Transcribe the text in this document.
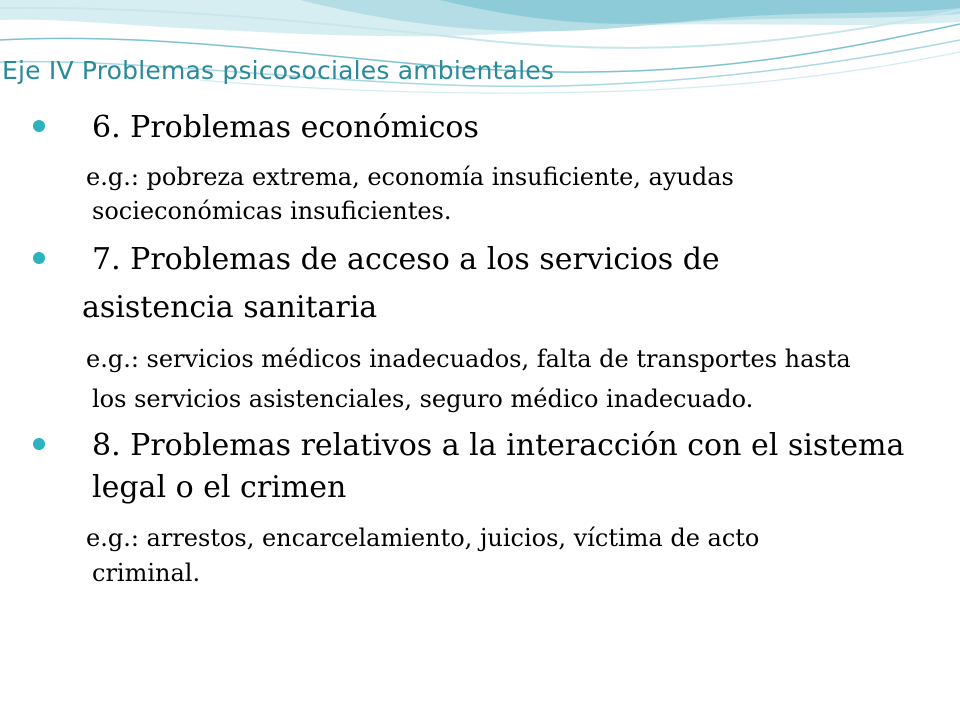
Eje IV Problemas psicosociales ambientales

6. Problemas económicos

e.g.: pobreza extrema, economía insuficiente, ayudas

socieconómicas insuficientes.

7. Problemas de acceso a los servicios de

asistencia sanitaria

e.g.: servicios médicos inadecuados, falta de transportes hasta

los servicios asistenciales, seguro médico inadecuado.

8. Problemas relativos a la interacción con el sistema

legal o el crimen

e.g.: arrestos, encarcelamiento, juicios, víctima de acto

criminal.
